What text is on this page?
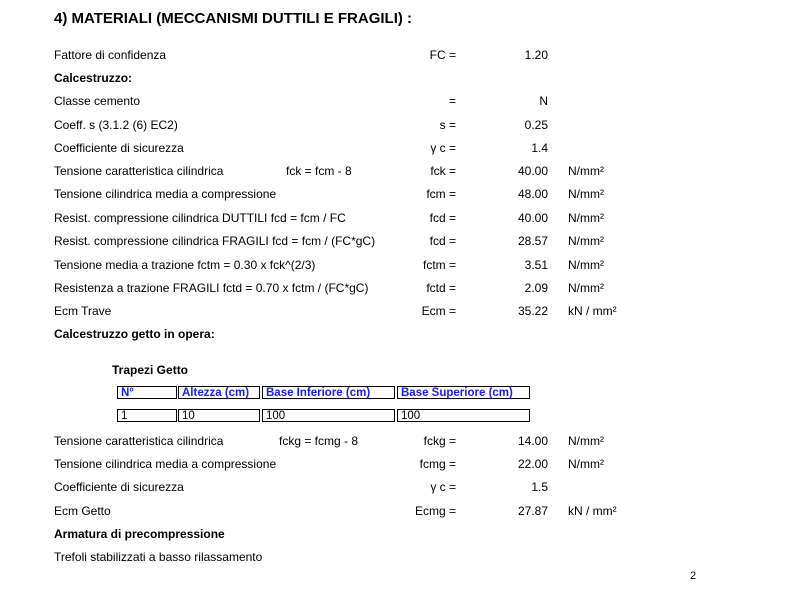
4) MATERIALI (MECCANISMI DUTTILI E FRAGILI) :
Fattore di confidenza	FC =	1.20
Calcestruzzo:
Classe cemento	=	N
Coeff. s (3.1.2 (6) EC2)	s =	0.25
Coefficiente di sicurezza	γ c =	1.4
Tensione caratteristica cilindrica	fck = fcm - 8	fck =	40.00 N/mm²
Tensione cilindrica media a compressione	fcm =	48.00 N/mm²
Resist. compressione cilindrica DUTTILI fcd = fcm / FC	fcd =	40.00 N/mm²
Resist. compressione cilindrica FRAGILI fcd = fcm / (FC*gC)	fcd =	28.57 N/mm²
Tensione media a trazione fctm = 0.30 x fck^(2/3)	fctm =	3.51 N/mm²
Resistenza a trazione FRAGILI fctd = 0.70 x fctm / (FC*gC)	fctd =	2.09 N/mm²
Ecm Trave	Ecm =	35.22 kN / mm²
Calcestruzzo getto in opera:
Trapezi Getto
N°	Altezza (cm)	Base Inferiore (cm)	Base Superiore (cm)
1	10	100	100
Tensione caratteristica cilindrica	fckg = fcmg - 8	fckg =	14.00 N/mm²
Tensione cilindrica media a compressione	fcmg =	22.00 N/mm²
Coefficiente di sicurezza	γ c =	1.5
Ecm Getto	Ecmg =	27.87 kN / mm²
Armatura di precompressione
Trefoli stabilizzati a basso rilassamento
2
